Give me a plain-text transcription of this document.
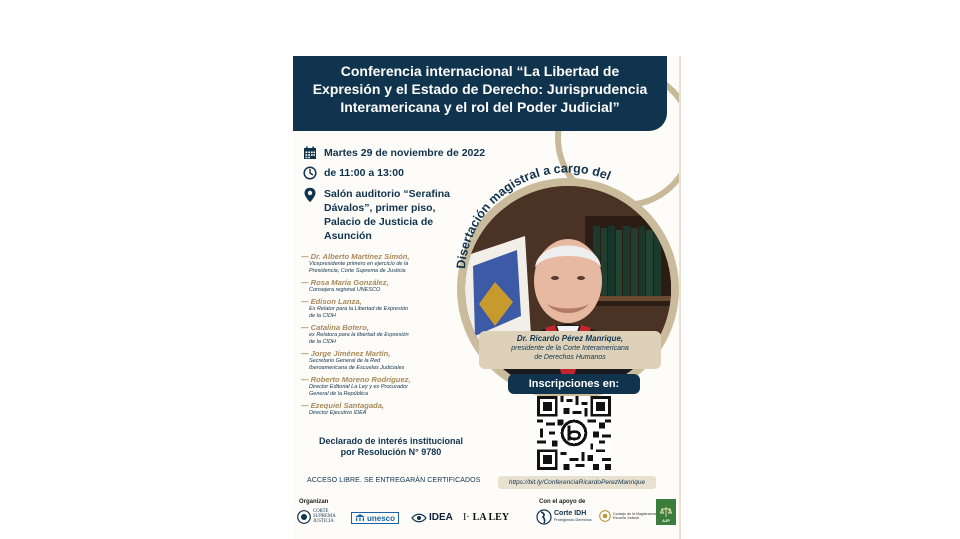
Conferencia internacional “La Libertad de
Expresión y el Estado de Derecho: Jurisprudencia
Interamericana y el rol del Poder Judicial”
Martes 29 de noviembre de 2022
de 11:00 a 13:00
Salón auditorio “Serafina
Dávalos”, primer piso,
Palacio de Justicia de
Asunción
— Dr. Alberto Martínez Simón,
Vicepresidente primero en ejercicio de la
Presidencia, Corte Suprema de Justicia
— Rosa María González,
Consejera regional UNESCO
— Edison Lanza,
Ex Relator para la Libertad de Expresión
de la CIDH
— Catalina Botero,
ex Relatora para la libertad de Expresión
de la CIDH
— Jorge Jiménez Martín,
Secretario General de la Red
Iberoamericana de Escuelas Judiciales
— Roberto Moreno Rodríguez,
Director Editorial La Ley y ex Procurador
General de la República
— Ezequiel Santagada,
Director Ejecutivo IDEA
Declarado de interés institucional
por Resolución N° 9780
ACCESO LIBRE. SE ENTREGARÁN CERTIFICADOS
Disertación magistral a cargo del
Dr. Ricardo Pérez Manrique,
presidente de la Corte Interamericana
de Derechos Humanos
Inscripciones en:
https://bit.ly/ConferenciaRicardoPerezManrique
Organizan	Con el apoyo de
CORTE
SUPREMA
JUSTICIA	unesco	IDEA I· LA LEY	Corte IDH
Protegiendo Derechos
Consejo de la Magistratura
Escuela Judicial	AJP
